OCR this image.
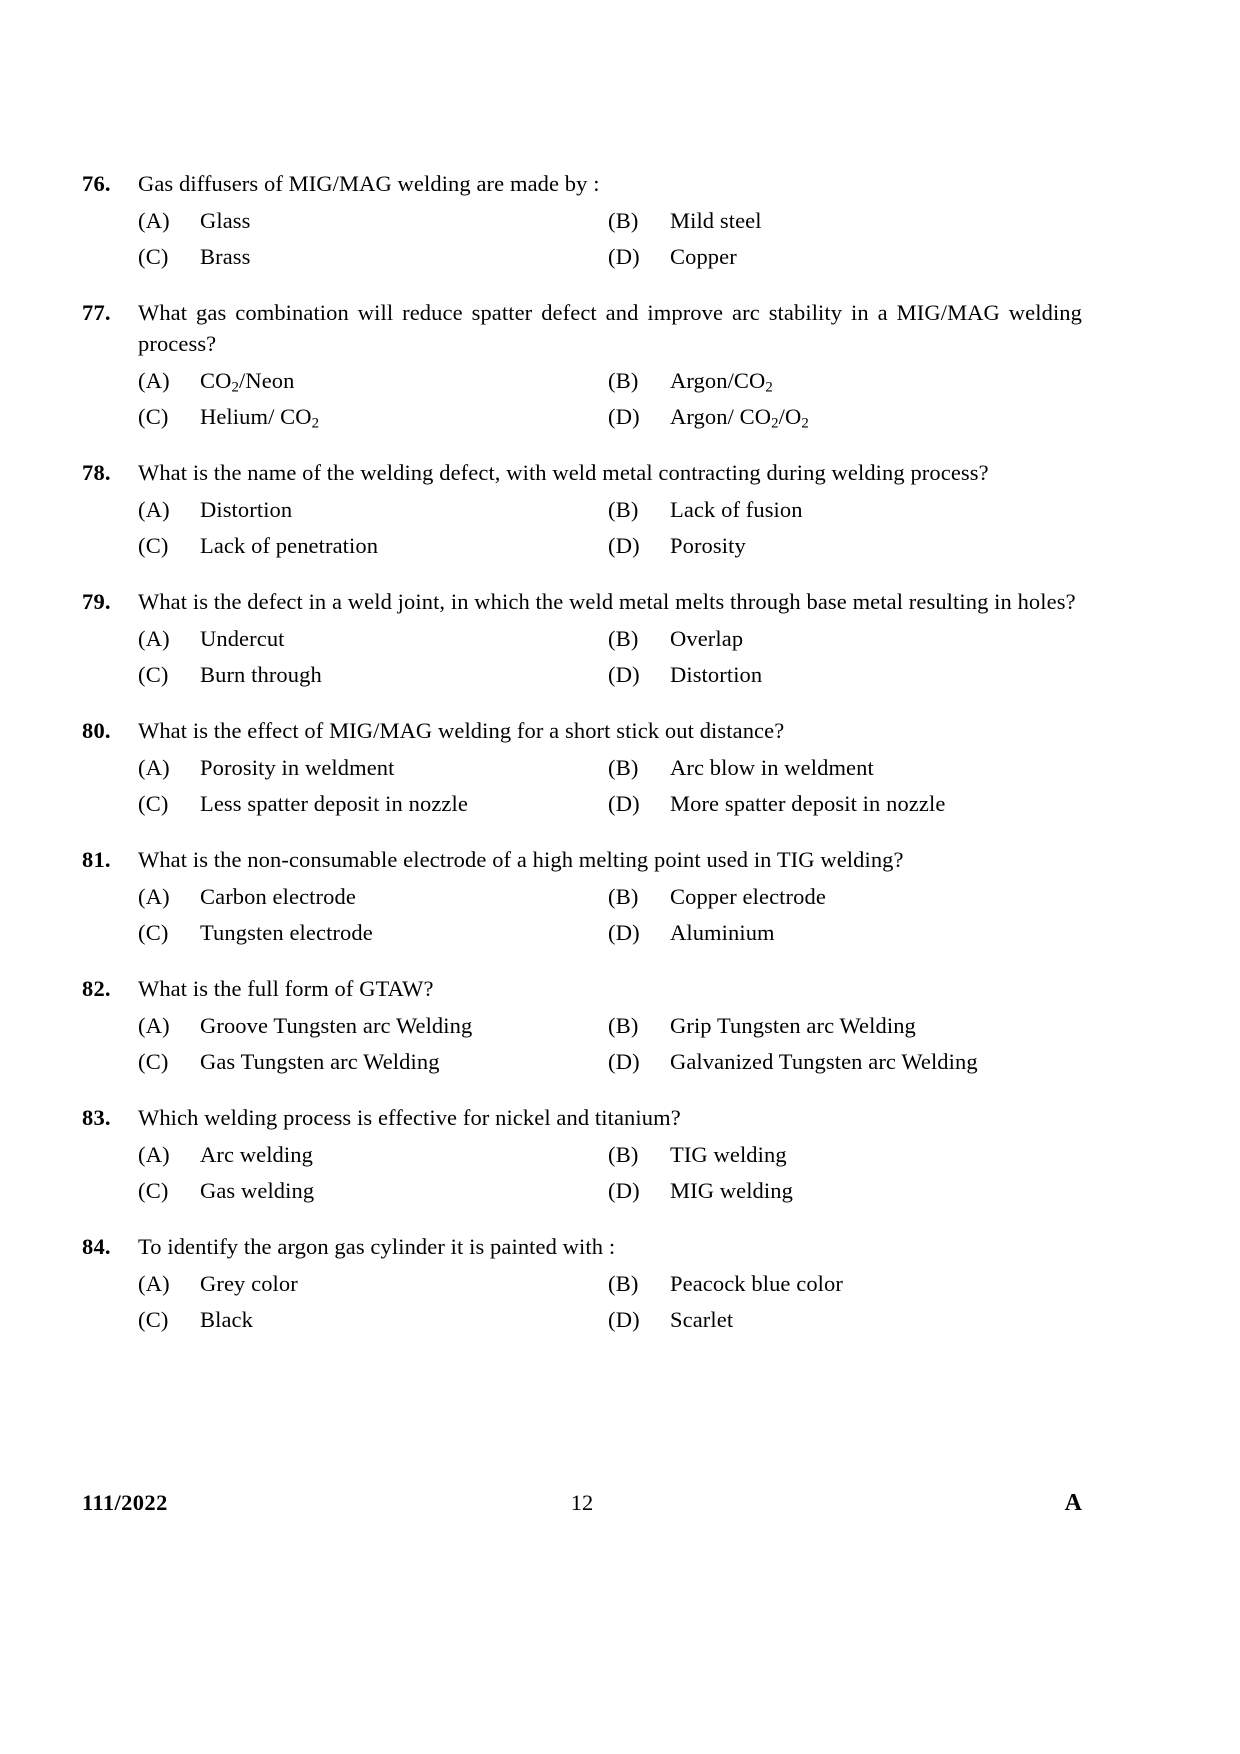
76.	Gas diffusers of MIG/MAG welding are made by :
(A)	Glass	(B)	Mild steel
(C)	Brass	(D)	Copper
77.	What gas combination will reduce spatter defect and improve arc stability in a MIG/MAG welding process?
(A)	$CO_2$/Neon	(B)	Argon/$CO_2$
(C)	Helium/ $CO_2$	(D)	Argon/ $CO_2/O_2$
78.	What is the name of the welding defect, with weld metal contracting during welding process?
(A)	Distortion	(B)	Lack of fusion
(C)	Lack of penetration	(D)	Porosity
79.	What is the defect in a weld joint, in which the weld metal melts through base metal resulting in holes?
(A)	Undercut	(B)	Overlap
(C)	Burn through	(D)	Distortion
80.	What is the effect of MIG/MAG welding for a short stick out distance?
(A)	Porosity in weldment	(B)	Arc blow in weldment
(C)	Less spatter deposit in nozzle	(D)	More spatter deposit in nozzle
81.	What is the non-consumable electrode of a high melting point used in TIG welding?
(A)	Carbon electrode	(B)	Copper electrode
(C)	Tungsten electrode	(D)	Aluminium
82.	What is the full form of GTAW?
(A)	Groove Tungsten arc Welding	(B)	Grip Tungsten arc Welding
(C)	Gas Tungsten arc Welding	(D)	Galvanized Tungsten arc Welding
83.	Which welding process is effective for nickel and titanium?
(A)	Arc welding	(B)	TIG welding
(C)	Gas welding	(D)	MIG welding
84.	To identify the argon gas cylinder it is painted with :
(A)	Grey color	(B)	Peacock blue color
(C)	Black	(D)	Scarlet
111/2022	12	A
